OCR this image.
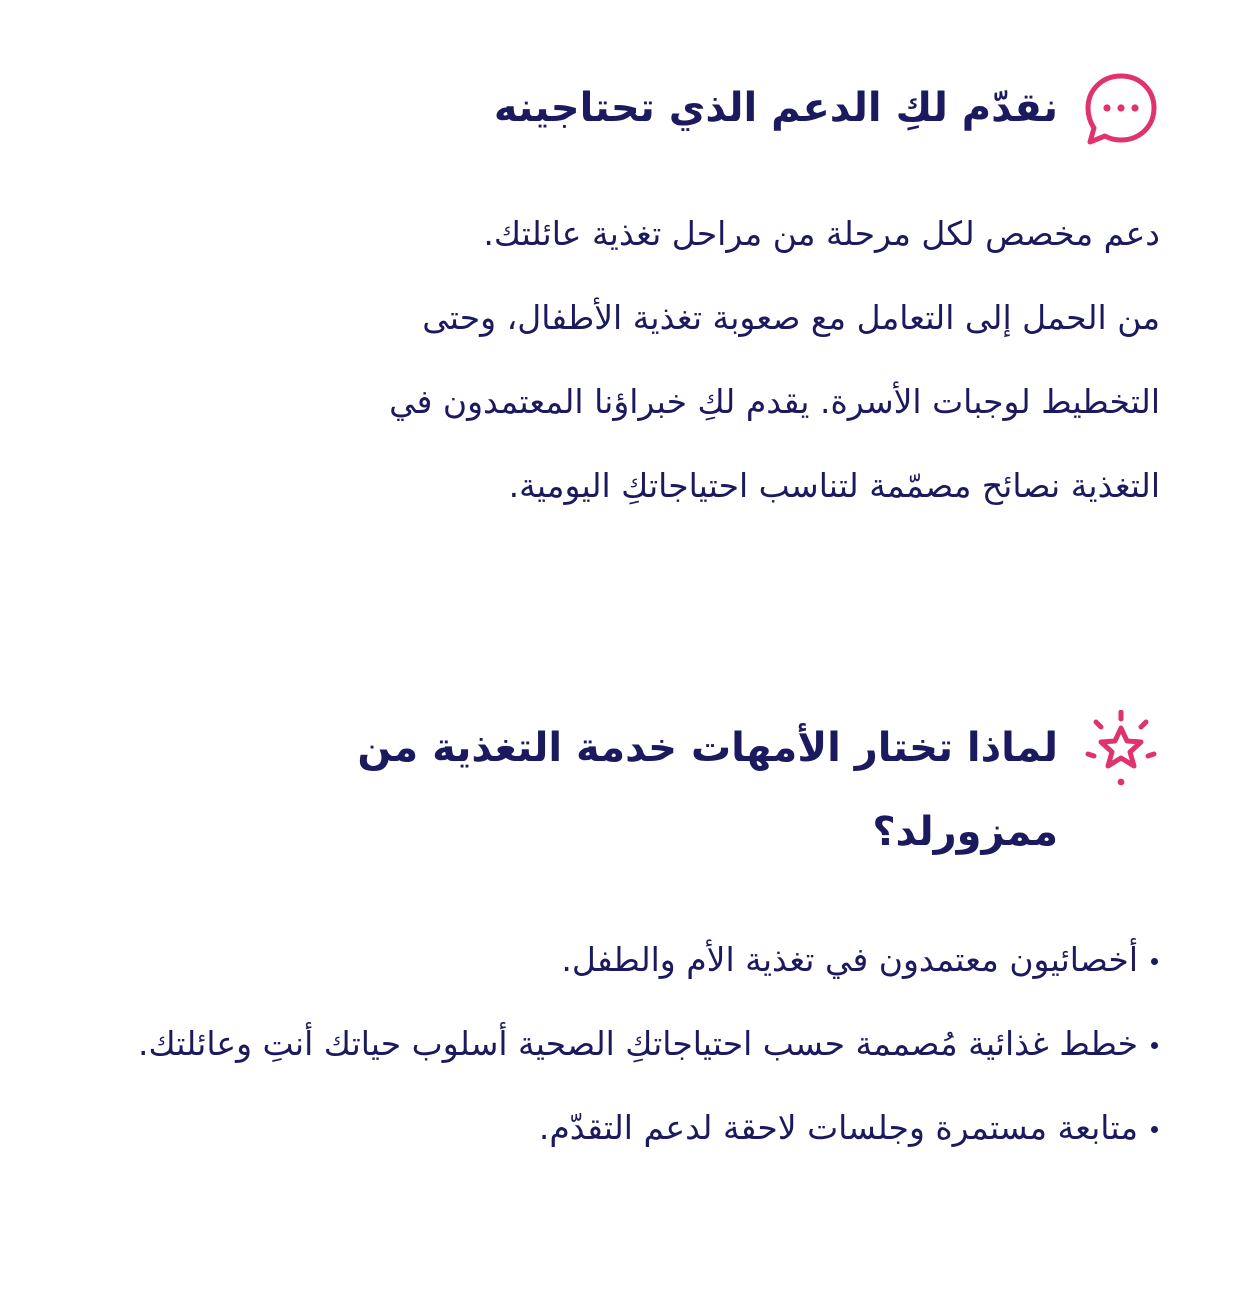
نقدّم لكِ الدعم الذي تحتاجينه

دعم مخصص لكل مرحلة من مراحل تغذية عائلتك.
من الحمل إلى التعامل مع صعوبة تغذية الأطفال، وحتى
التخطيط لوجبات الأسرة. يقدم لكِ خبراؤنا المعتمدون في
التغذية نصائح مصمّمة لتناسب احتياجاتكِ اليومية.

لماذا تختار الأمهات خدمة التغذية من ممزورلد؟
أخصائيون معتمدون في تغذية الأم والطفل.
خطط غذائية مُصممة حسب احتياجاتكِ الصحية أسلوب حياتك أنتِ وعائلتك.
متابعة مستمرة وجلسات لاحقة لدعم التقدّم.
